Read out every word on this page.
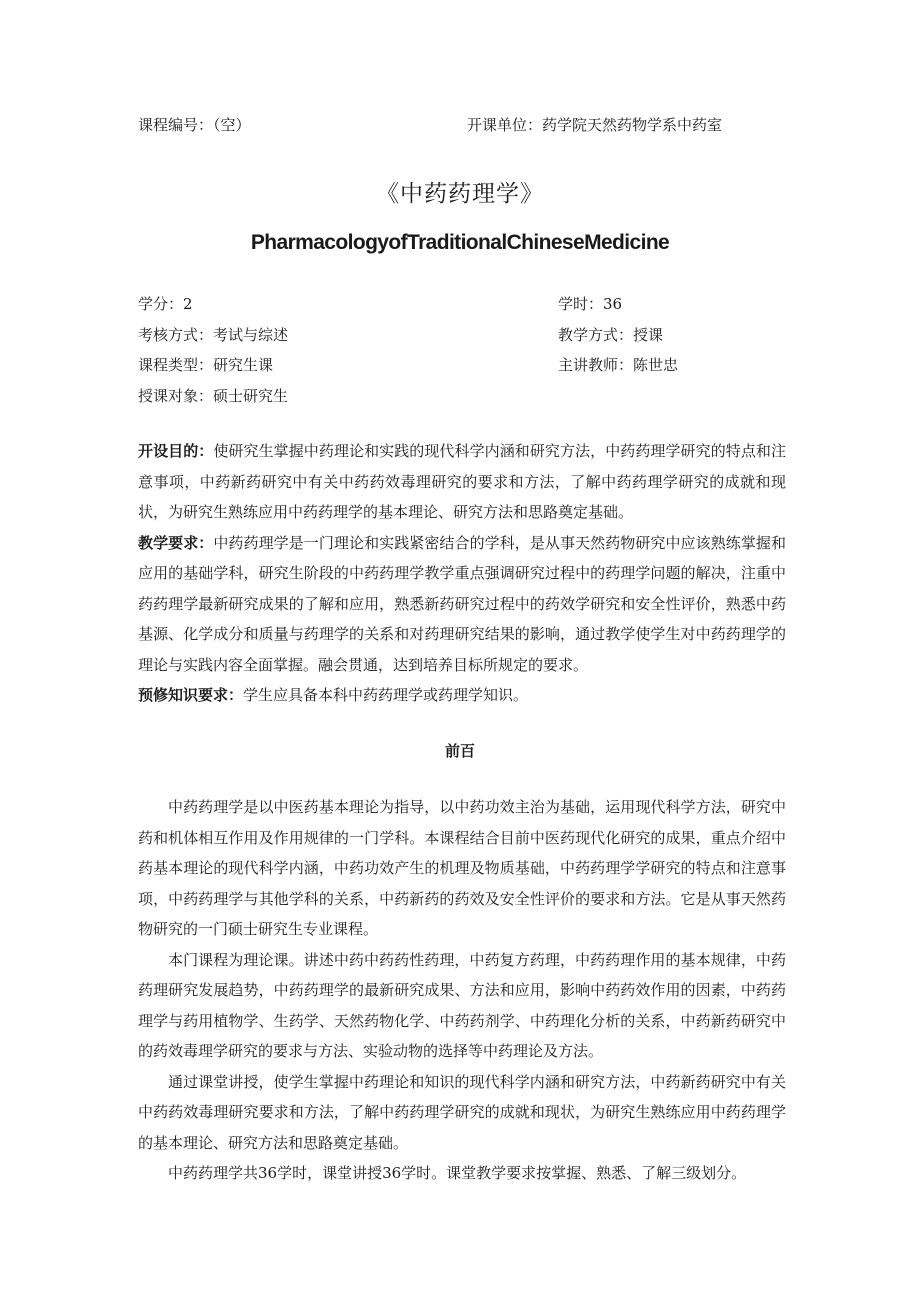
课程编号：（空）	开课单位：药学院天然药物学系中药室
《中药药理学》
PharmacologyofTraditionalChineseMedicine
学分：2	学时：36
考核方式：考试与综述	教学方式：授课
课程类型：研究生课	主讲教师：陈世忠
授课对象：硕士研究生

开设目的：使研究生掌握中药理论和实践的现代科学内涵和研究方法，中药药理学研究的特点和注意事项，中药新药研究中有关中药药效毒理研究的要求和方法，了解中药药理学研究的成就和现状，为研究生熟练应用中药药理学的基本理论、研究方法和思路奠定基础。

教学要求：中药药理学是一门理论和实践紧密结合的学科，是从事天然药物研究中应该熟练掌握和应用的基础学科，研究生阶段的中药药理学教学重点强调研究过程中的药理学问题的解决，注重中药药理学最新研究成果的了解和应用，熟悉新药研究过程中的药效学研究和安全性评价，熟悉中药基源、化学成分和质量与药理学的关系和对药理研究结果的影响，通过教学使学生对中药药理学的理论与实践内容全面掌握。融会贯通，达到培养目标所规定的要求。

预修知识要求：学生应具备本科中药药理学或药理学知识。

前百

中药药理学是以中医药基本理论为指导，以中药功效主治为基础，运用现代科学方法，研究中药和机体相互作用及作用规律的一门学科。本课程结合目前中医药现代化研究的成果，重点介绍中药基本理论的现代科学内涵，中药功效产生的机理及物质基础，中药药理学学研究的特点和注意事项，中药药理学与其他学科的关系，中药新药的药效及安全性评价的要求和方法。它是从事天然药物研究的一门硕士研究生专业课程。

本门课程为理论课。讲述中药中药药性药理，中药复方药理，中药药理作用的基本规律，中药药理研究发展趋势，中药药理学的最新研究成果、方法和应用，影响中药药效作用的因素，中药药理学与药用植物学、生药学、天然药物化学、中药药剂学、中药理化分析的关系，中药新药研究中的药效毒理学研究的要求与方法、实验动物的选择等中药理论及方法。

通过课堂讲授，使学生掌握中药理论和知识的现代科学内涵和研究方法，中药新药研究中有关中药药效毒理研究要求和方法，了解中药药理学研究的成就和现状，为研究生熟练应用中药药理学的基本理论、研究方法和思路奠定基础。

中药药理学共36学时，课堂讲授36学时。课堂教学要求按掌握、熟悉、了解三级划分。
